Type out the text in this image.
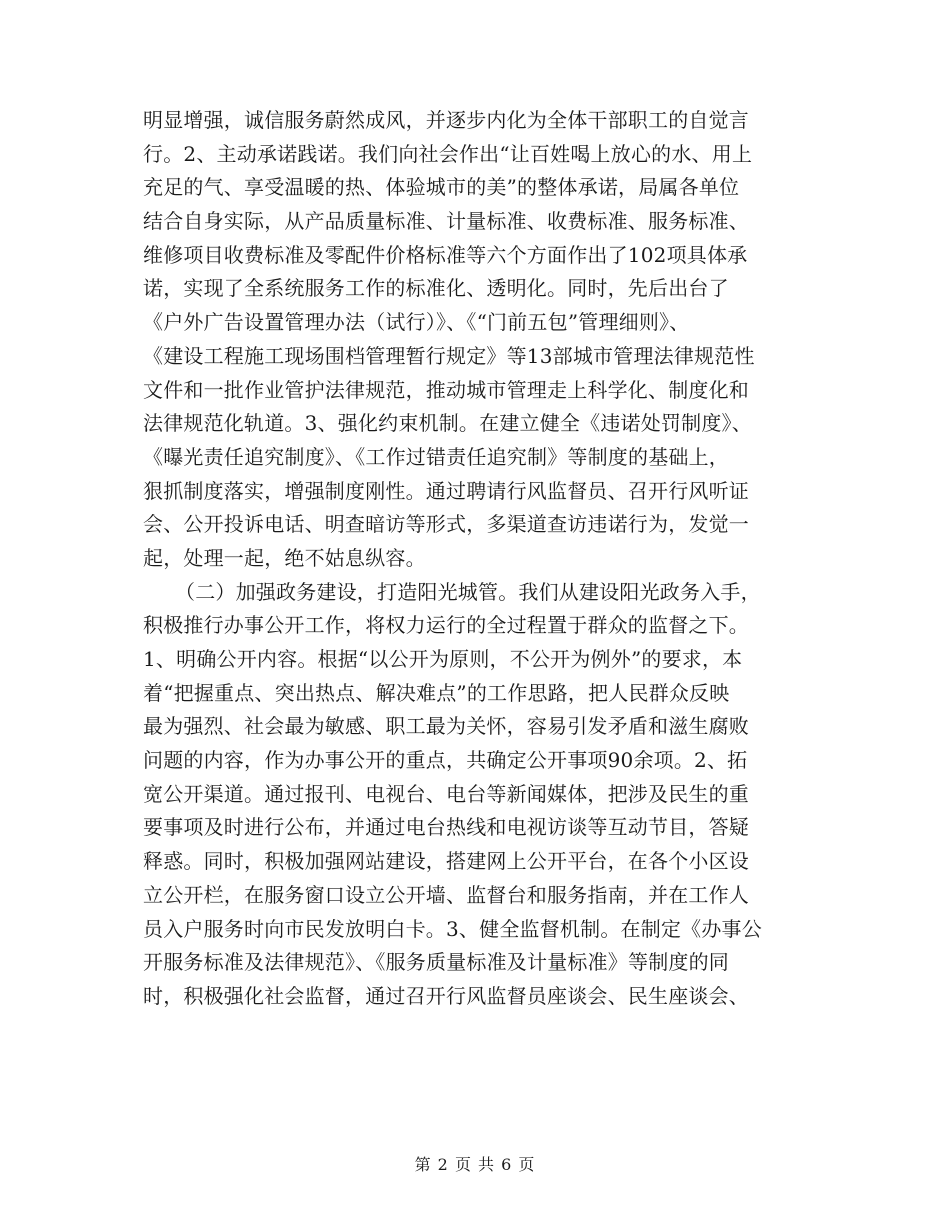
明显增强，诚信服务蔚然成风，并逐步内化为全体干部职工的自觉言
行。2、主动承诺践诺。我们向社会作出“让百姓喝上放心的水、用上
充足的气、享受温暖的热、体验城市的美”的整体承诺，局属各单位
结合自身实际，从产品质量标准、计量标准、收费标准、服务标准、
维修项目收费标准及零配件价格标准等六个方面作出了102项具体承
诺，实现了全系统服务工作的标准化、透明化。同时，先后出台了
《户外广告设置管理办法（试行）》、《“门前五包”管理细则》、
《建设工程施工现场围档管理暂行规定》等13部城市管理法律规范性
文件和一批作业管护法律规范，推动城市管理走上科学化、制度化和
法律规范化轨道。3、强化约束机制。在建立健全《违诺处罚制度》、
《曝光责任追究制度》、《工作过错责任追究制》等制度的基础上，
狠抓制度落实，增强制度刚性。通过聘请行风监督员、召开行风听证
会、公开投诉电话、明查暗访等形式，多渠道查访违诺行为，发觉一
起，处理一起，绝不姑息纵容。
（二）加强政务建设，打造阳光城管。我们从建设阳光政务入手，
积极推行办事公开工作，将权力运行的全过程置于群众的监督之下。
1、明确公开内容。根据“以公开为原则，不公开为例外”的要求，本
着“把握重点、突出热点、解决难点”的工作思路，把人民群众反映
最为强烈、社会最为敏感、职工最为关怀，容易引发矛盾和滋生腐败
问题的内容，作为办事公开的重点，共确定公开事项90余项。2、拓
宽公开渠道。通过报刊、电视台、电台等新闻媒体，把涉及民生的重
要事项及时进行公布，并通过电台热线和电视访谈等互动节目，答疑
释惑。同时，积极加强网站建设，搭建网上公开平台，在各个小区设
立公开栏，在服务窗口设立公开墙、监督台和服务指南，并在工作人
员入户服务时向市民发放明白卡。3、健全监督机制。在制定《办事公
开服务标准及法律规范》、《服务质量标准及计量标准》等制度的同
时，积极强化社会监督，通过召开行风监督员座谈会、民生座谈会、
第 2 页 共 6 页
